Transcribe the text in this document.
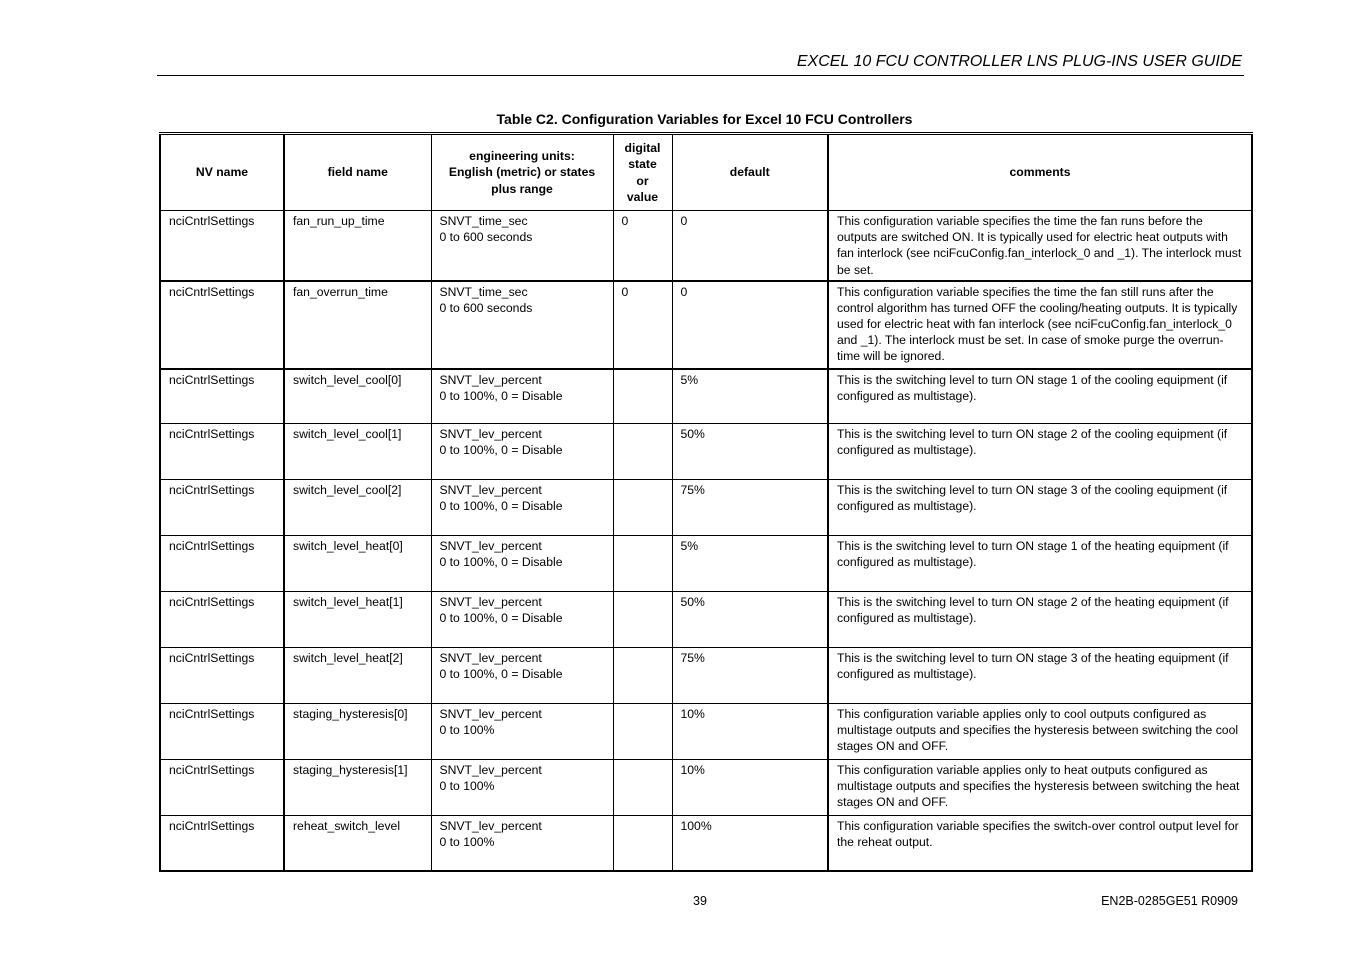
EXCEL 10 FCU CONTROLLER LNS PLUG-INS USER GUIDE
Table C2. Configuration Variables for Excel 10 FCU Controllers
NV name	field name	engineering units:
English (metric) or states
plus range	digital
state
or
value	default	comments
nciCntrlSettings	fan_run_up_time	SNVT_time_sec
0 to 600 seconds	0	0	This configuration variable specifies the time the fan runs before the outputs are switched ON. It is typically used for electric heat outputs with fan interlock (see nciFcuConfig.fan_interlock_0 and _1). The interlock must be set.
nciCntrlSettings	fan_overrun_time	SNVT_time_sec
0 to 600 seconds	0	0	This configuration variable specifies the time the fan still runs after the control algorithm has turned OFF the cooling/heating outputs. It is typically used for electric heat with fan interlock (see nciFcuConfig.fan_interlock_0 and _1). The interlock must be set. In case of smoke purge the overrun-time will be ignored.
nciCntrlSettings	switch_level_cool[0]	SNVT_lev_percent
0 to 100%, 0 = Disable		5%	This is the switching level to turn ON stage 1 of the cooling equipment (if configured as multistage).
nciCntrlSettings	switch_level_cool[1]	SNVT_lev_percent
0 to 100%, 0 = Disable		50%	This is the switching level to turn ON stage 2 of the cooling equipment (if configured as multistage).
nciCntrlSettings	switch_level_cool[2]	SNVT_lev_percent
0 to 100%, 0 = Disable		75%	This is the switching level to turn ON stage 3 of the cooling equipment (if configured as multistage).
nciCntrlSettings	switch_level_heat[0]	SNVT_lev_percent
0 to 100%, 0 = Disable		5%	This is the switching level to turn ON stage 1 of the heating equipment (if configured as multistage).
nciCntrlSettings	switch_level_heat[1]	SNVT_lev_percent
0 to 100%, 0 = Disable		50%	This is the switching level to turn ON stage 2 of the heating equipment (if configured as multistage).
nciCntrlSettings	switch_level_heat[2]	SNVT_lev_percent
0 to 100%, 0 = Disable		75%	This is the switching level to turn ON stage 3 of the heating equipment (if configured as multistage).
nciCntrlSettings	staging_hysteresis[0]	SNVT_lev_percent
0 to 100%		10%	This configuration variable applies only to cool outputs configured as multistage outputs and specifies the hysteresis between switching the cool stages ON and OFF.
nciCntrlSettings	staging_hysteresis[1]	SNVT_lev_percent
0 to 100%		10%	This configuration variable applies only to heat outputs configured as multistage outputs and specifies the hysteresis between switching the heat stages ON and OFF.
nciCntrlSettings	reheat_switch_level	SNVT_lev_percent
0 to 100%		100%	This configuration variable specifies the switch-over control output level for the reheat output.
39	EN2B-0285GE51 R0909
